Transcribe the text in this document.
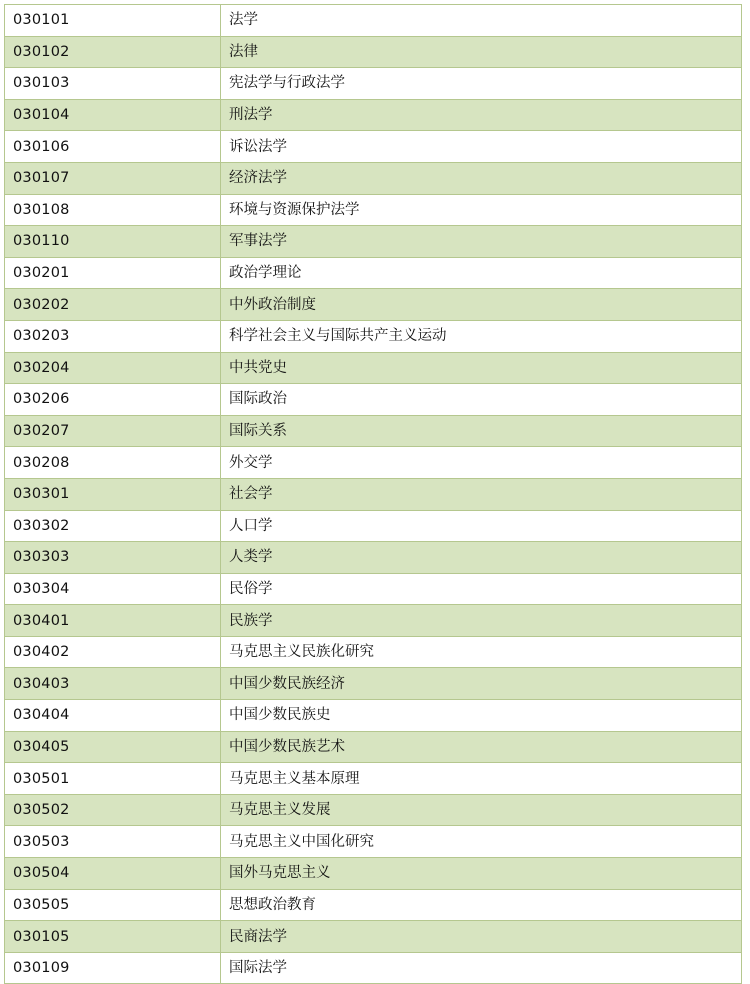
030101	法学
030102	法律
030103	宪法学与行政法学
030104	刑法学
030106	诉讼法学
030107	经济法学
030108	环境与资源保护法学
030110	军事法学
030201	政治学理论
030202	中外政治制度
030203	科学社会主义与国际共产主义运动
030204	中共党史
030206	国际政治
030207	国际关系
030208	外交学
030301	社会学
030302	人口学
030303	人类学
030304	民俗学
030401	民族学
030402	马克思主义民族化研究
030403	中国少数民族经济
030404	中国少数民族史
030405	中国少数民族艺术
030501	马克思主义基本原理
030502	马克思主义发展
030503	马克思主义中国化研究
030504	国外马克思主义
030505	思想政治教育
030105	民商法学
030109	国际法学
